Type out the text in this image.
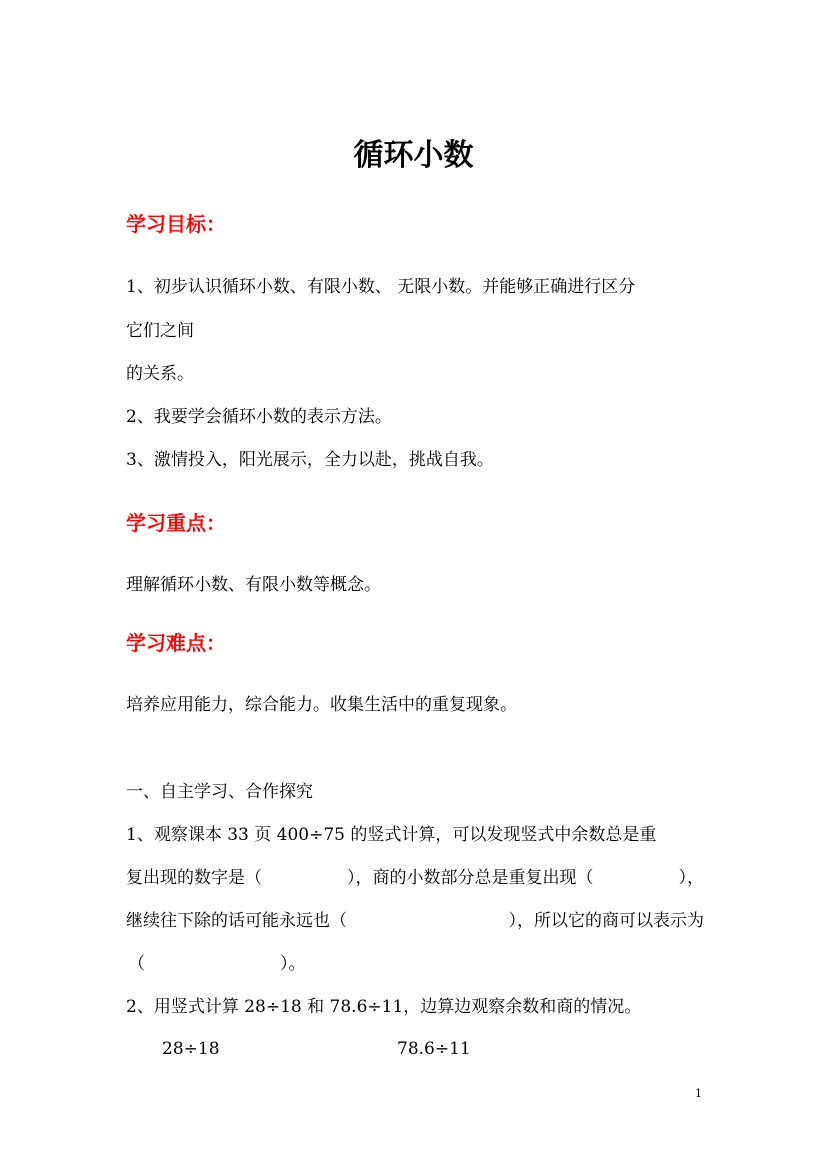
循环小数
学习目标：
1、初步认识循环小数、有限小数、 无限小数。并能够正确进行区分
它们之间
的关系。
2、我要学会循环小数的表示方法。
3、激情投入，阳光展示，全力以赴，挑战自我。
学习重点：
理解循环小数、有限小数等概念。
学习难点：
培养应用能力，综合能力。收集生活中的重复现象。
一、自主学习、合作探究
1、观察课本 33 页 400÷75 的竖式计算，可以发现竖式中余数总是重
复出现的数字是（	），商的小数部分总是重复出现（	），
继续往下除的话可能永远也（	），所以它的商可以表示为
（	）。
2、用竖式计算 28÷18 和 78.6÷11，边算边观察余数和商的情况。
28÷18	78.6÷11
1
